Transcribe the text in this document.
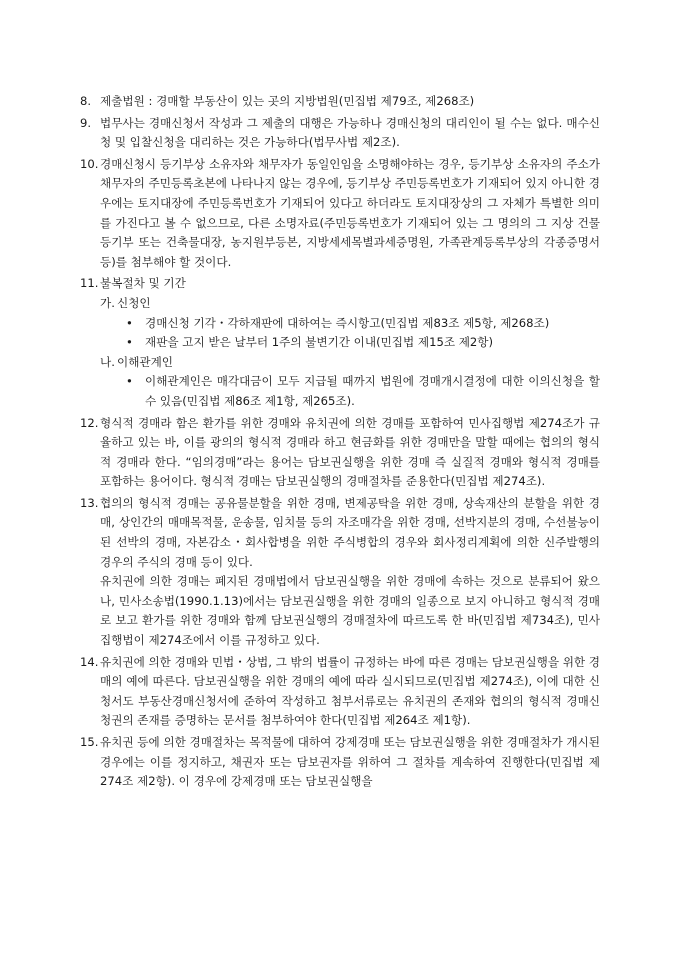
8. 제출법원 : 경매할 부동산이 있는 곳의 지방법원(민집법 제79조, 제268조)

9. 법무사는 경매신청서 작성과 그 제출의 대행은 가능하나 경매신청의 대리인이 될 수는 없다. 매수신청 및 입찰신청을 대리하는 것은 가능하다(법무사법 제2조).

10. 경매신청시 등기부상 소유자와 채무자가 동일인임을 소명해야하는 경우, 등기부상 소유자의 주소가 채무자의 주민등록초본에 나타나지 않는 경우에, 등기부상 주민등록번호가 기재되어 있지 아니한 경우에는 토지대장에 주민등록번호가 기재되어 있다고 하더라도 토지대장상의 그 자체가 특별한 의미를 가진다고 볼 수 없으므로, 다른 소명자료(주민등록번호가 기재되어 있는 그 명의의 그 지상 건물등기부 또는 건축물대장, 농지원부등본, 지방세세목별과세증명원, 가족관계등록부상의 각종증명서 등)를 첨부해야 할 것이다.

11. 불복절차 및 기간

가. 신청인

• 경매신청 기각・각하재판에 대하여는 즉시항고(민집법 제83조 제5항, 제268조)
• 재판을 고지 받은 날부터 1주의 불변기간 이내(민집법 제15조 제2항)
나. 이해관계인

• 이해관계인은 매각대금이 모두 지급될 때까지 법원에 경매개시결정에 대한 이의신청을 할 수 있음(민집법 제86조 제1항, 제265조).
12. 형식적 경매라 함은 환가를 위한 경매와 유치권에 의한 경매를 포함하여 민사집행법 제274조가 규율하고 있는 바, 이를 광의의 형식적 경매라 하고 현금화를 위한 경매만을 말할 때에는 협의의 형식적 경매라 한다. “임의경매”라는 용어는 담보권실행을 위한 경매 즉 실질적 경매와 형식적 경매를 포함하는 용어이다. 형식적 경매는 담보권실행의 경매절차를 준용한다(민집법 제274조).

13. 협의의 형식적 경매는 공유물분할을 위한 경매, 변제공탁을 위한 경매, 상속재산의 분할을 위한 경매, 상인간의 매매목적물, 운송물, 임치물 등의 자조매각을 위한 경매, 선박지분의 경매, 수선불능이 된 선박의 경매, 자본감소・회사합병을 위한 주식병합의 경우와 회사정리계획에 의한 신주발행의 경우의 주식의 경매 등이 있다.

유치권에 의한 경매는 폐지된 경매법에서 담보권실행을 위한 경매에 속하는 것으로 분류되어 왔으나, 민사소송법(1990.1.13)에서는 담보권실행을 위한 경매의 일종으로 보지 아니하고 형식적 경매로 보고 환가를 위한 경매와 함께 담보권실행의 경매절차에 따르도록 한 바(민집법 제734조), 민사집행법이 제274조에서 이를 규정하고 있다.

14. 유치권에 의한 경매와 민법・상법, 그 밖의 법률이 규정하는 바에 따른 경매는 담보권실행을 위한 경매의 예에 따른다. 담보권실행을 위한 경매의 예에 따라 실시되므로(민집법 제274조), 이에 대한 신청서도 부동산경매신청서에 준하여 작성하고 첨부서류로는 유치권의 존재와 협의의 형식적 경매신청권의 존재를 증명하는 문서를 첨부하여야 한다(민집법 제264조 제1항).

15. 유치권 등에 의한 경매절차는 목적물에 대하여 강제경매 또는 담보권실행을 위한 경매절차가 개시된 경우에는 이를 정지하고, 채권자 또는 담보권자를 위하여 그 절차를 계속하여 진행한다(민집법 제274조 제2항). 이 경우에 강제경매 또는 담보권실행을
